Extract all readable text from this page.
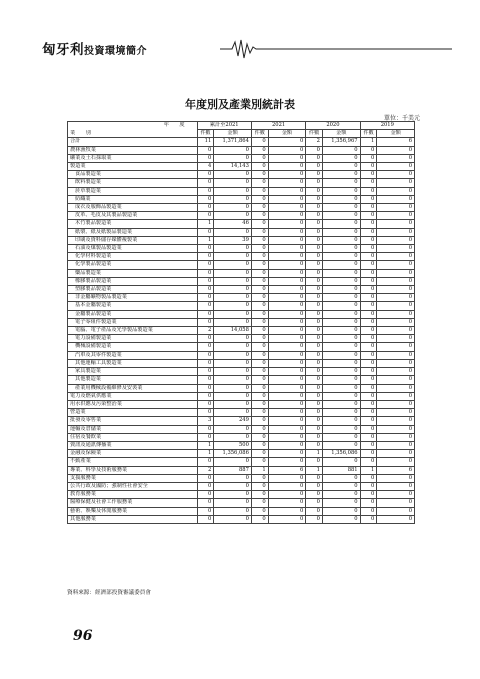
匈牙利投資環境簡介
年度別及產業別統計表
單位：千美元
年　　度	累計至2021		2021		2020		2019	
業　　別	件數	金額	件數	金額	件數	金額	件數	金額
合計	11	1,371,864	0	0	2	1,356,967	1	6
農林漁牧業	0	0	0	0	0	0	0	0
礦業及土石採取業	0	0	0	0	0	0	0	0
製造業	4	14,143	0	0	0	0	0	0
食品製造業	0	0	0	0	0	0	0	0
飲料製造業	0	0	0	0	0	0	0	0
菸草製造業	0	0	0	0	0	0	0	0
紡織業	0	0	0	0	0	0	0	0
成衣及服飾品製造業	0	0	0	0	0	0	0	0
皮革、毛皮及其製品製造業	0	0	0	0	0	0	0	0
木竹製品製造業	1	46	0	0	0	0	0	0
紙漿、紙及紙製品製造業	0	0	0	0	0	0	0	0
印刷及資料儲存媒體複製業	1	39	0	0	0	0	0	0
石油及煤製品製造業	0	0	0	0	0	0	0	0
化學材料製造業	0	0	0	0	0	0	0	0
化學製品製造業	0	0	0	0	0	0	0	0
藥品製造業	0	0	0	0	0	0	0	0
橡膠製品製造業	0	0	0	0	0	0	0	0
塑膠製品製造業	0	0	0	0	0	0	0	0
非金屬礦物製品製造業	0	0	0	0	0	0	0	0
基本金屬製造業	0	0	0	0	0	0	0	0
金屬製品製造業	0	0	0	0	0	0	0	0
電子零組件製造業	0	0	0	0	0	0	0	0
電腦、電子產品及光學製品製造業	2	14,058	0	0	0	0	0	0
電力設備製造業	0	0	0	0	0	0	0	0
機械設備製造業	0	0	0	0	0	0	0	0
汽車及其零件製造業	0	0	0	0	0	0	0	0
其他運輸工具製造業	0	0	0	0	0	0	0	0
家具製造業	0	0	0	0	0	0	0	0
其他製造業	0	0	0	0	0	0	0	0
產業用機械設備維修及安裝業	0	0	0	0	0	0	0	0
電力及燃氣供應業	0	0	0	0	0	0	0	0
用水供應及污染整治業	0	0	0	0	0	0	0	0
營造業	0	0	0	0	0	0	0	0
批發及零售業	3	249	0	0	0	0	0	0
運輸及倉儲業	0	0	0	0	0	0	0	0
住宿及餐飲業	0	0	0	0	0	0	0	0
資訊及通訊傳播業	1	500	0	0	0	0	0	0
金融及保險業	1	1,356,086	0	0	1	1,356,086	0	0
不動產業	0	0	0	0	0	0	0	0
專業、科學及技術服務業	2	887	1	6	1	881	1	6
支援服務業	0	0	0	0	0	0	0	0
公共行政及國防；強制性社會安全	0	0	0	0	0	0	0	0
教育服務業	0	0	0	0	0	0	0	0
醫療保健及社會工作服務業	0	0	0	0	0	0	0	0
藝術、娛樂及休閒服務業	0	0	0	0	0	0	0	0
其他服務業	0	0	0	0	0	0	0	0
資料來源：經濟部投資審議委員會
96
